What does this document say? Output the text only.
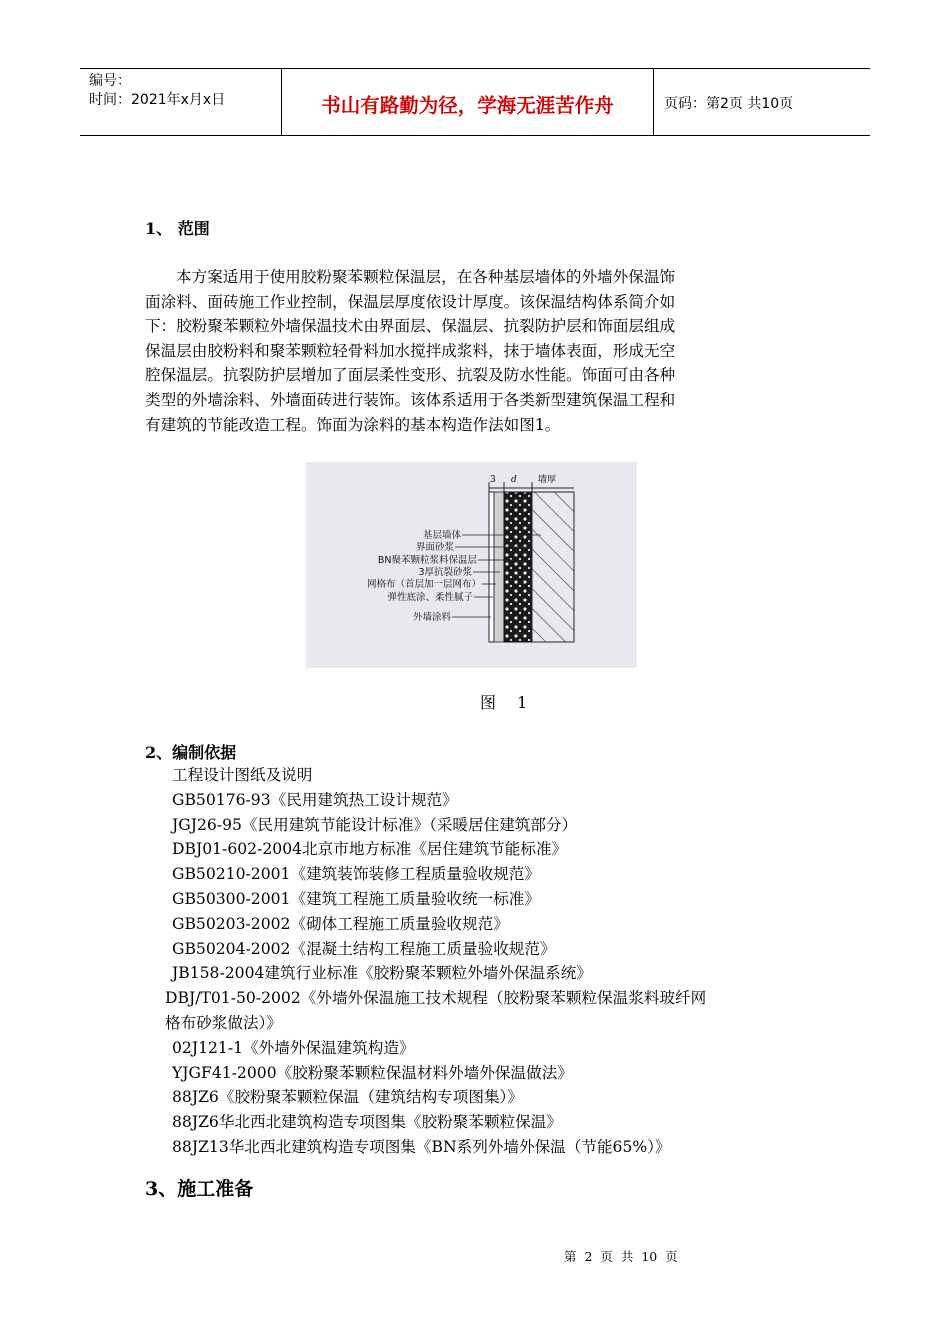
编号：
时间：2021年x月x日	书山有路勤为径，学海无涯苦作舟	页码：第2页 共10页
1、 范围
本方案适用于使用胶粉聚苯颗粒保温层，在各种基层墙体的外墙外保温饰
面涂料、面砖施工作业控制，保温层厚度依设计厚度。该保温结构体系简介如
下：胶粉聚苯颗粒外墙保温技术由界面层、保温层、抗裂防护层和饰面层组成
保温层由胶粉料和聚苯颗粒轻骨料加水搅拌成浆料，抹于墙体表面，形成无空
腔保温层。抗裂防护层增加了面层柔性变形、抗裂及防水性能。饰面可由各种
类型的外墙涂料、外墙面砖进行装饰。该体系适用于各类新型建筑保温工程和
有建筑的节能改造工程。饰面为涂料的基本构造作法如图1。
3 d 墙厚
基层墙体
界面砂浆
BN聚苯颗粒浆料保温层
3厚抗裂砂浆
网格布（首层加一层网布）
弹性底涂、柔性腻子
外墙涂料
图 1
2、编制依据
工程设计图纸及说明
GB50176-93《民用建筑热工设计规范》
JGJ26-95《民用建筑节能设计标准》（采暖居住建筑部分）
DBJ01-602-2004北京市地方标准《居住建筑节能标准》
GB50210-2001《建筑装饰装修工程质量验收规范》
GB50300-2001《建筑工程施工质量验收统一标准》
GB50203-2002《砌体工程施工质量验收规范》
GB50204-2002《混凝土结构工程施工质量验收规范》
JB158-2004建筑行业标准《胶粉聚苯颗粒外墙外保温系统》
DBJ/T01-50-2002《外墙外保温施工技术规程（胶粉聚苯颗粒保温浆料玻纤网
格布砂浆做法）》
02J121-1《外墙外保温建筑构造》
YJGF41-2000《胶粉聚苯颗粒保温材料外墙外保温做法》
88JZ6《胶粉聚苯颗粒保温（建筑结构专项图集）》
88JZ6华北西北建筑构造专项图集《胶粉聚苯颗粒保温》
88JZ13华北西北建筑构造专项图集《BN系列外墙外保温（节能65%）》
3、施工准备
第 2 页 共 10 页
